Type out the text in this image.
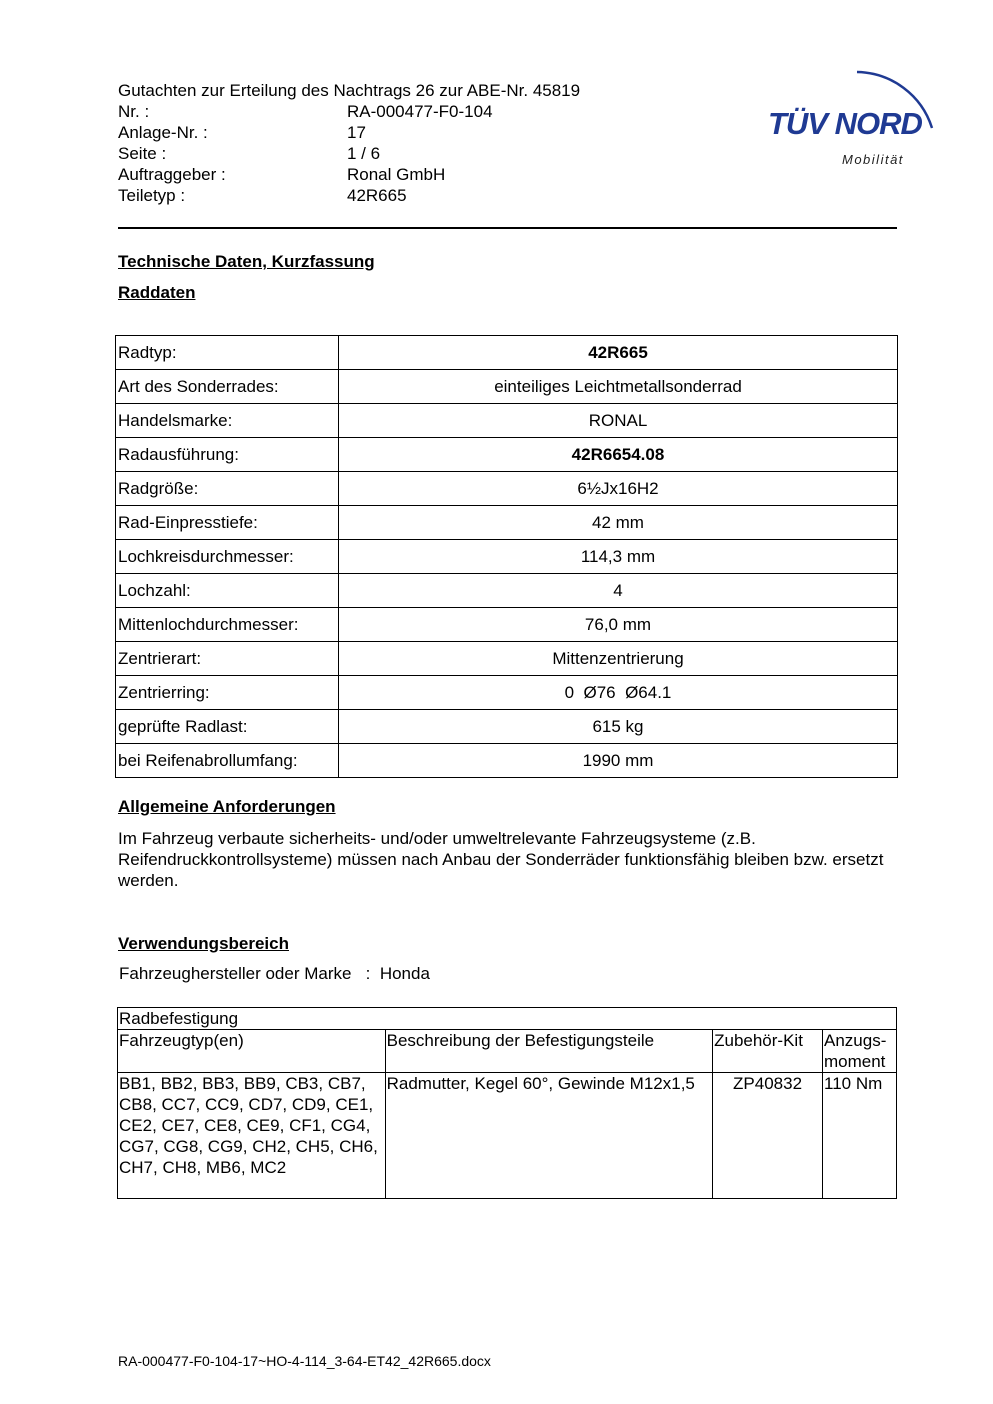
Gutachten zur Erteilung des Nachtrags 26 zur ABE-Nr. 45819
Nr. :	RA-000477-F0-104
Anlage-Nr. :	17
Seite :	1 / 6
Auftraggeber :	Ronal GmbH
Teiletyp :	42R665
TÜV NORD
Mobilität
Technische Daten, Kurzfassung
Raddaten
Radtyp:	42R665
Art des Sonderrades:	einteiliges Leichtmetallsonderrad
Handelsmarke:	RONAL
Radausführung:	42R6654.08
Radgröße:	6½Jx16H2
Rad-Einpresstiefe:	42 mm
Lochkreisdurchmesser:	114,3 mm
Lochzahl:	4
Mittenlochdurchmesser:	76,0 mm
Zentrierart:	Mittenzentrierung
Zentrierring:	0  Ø76  Ø64.1
geprüfte Radlast:	615 kg
bei Reifenabrollumfang:	1990 mm
Allgemeine Anforderungen
Im Fahrzeug verbaute sicherheits- und/oder umweltrelevante Fahrzeugsysteme (z.B. Reifendruckkontrollsysteme) müssen nach Anbau der Sonderräder funktionsfähig bleiben bzw. ersetzt werden.
Verwendungsbereich
Fahrzeughersteller oder Marke : Honda
Radbefestigung			
Fahrzeugtyp(en)	Beschreibung der Befestigungsteile	Zubehör-Kit	Anzugs-moment
BB1, BB2, BB3, BB9, CB3, CB7, CB8, CC7, CC9, CD7, CD9, CE1, CE2, CE7, CE8, CE9, CF1, CG4, CG7, CG8, CG9, CH2, CH5, CH6, CH7, CH8, MB6, MC2	Radmutter, Kegel 60°, Gewinde M12x1,5	ZP40832	110 Nm
RA-000477-F0-104-17~HO-4-114_3-64-ET42_42R665.docx
